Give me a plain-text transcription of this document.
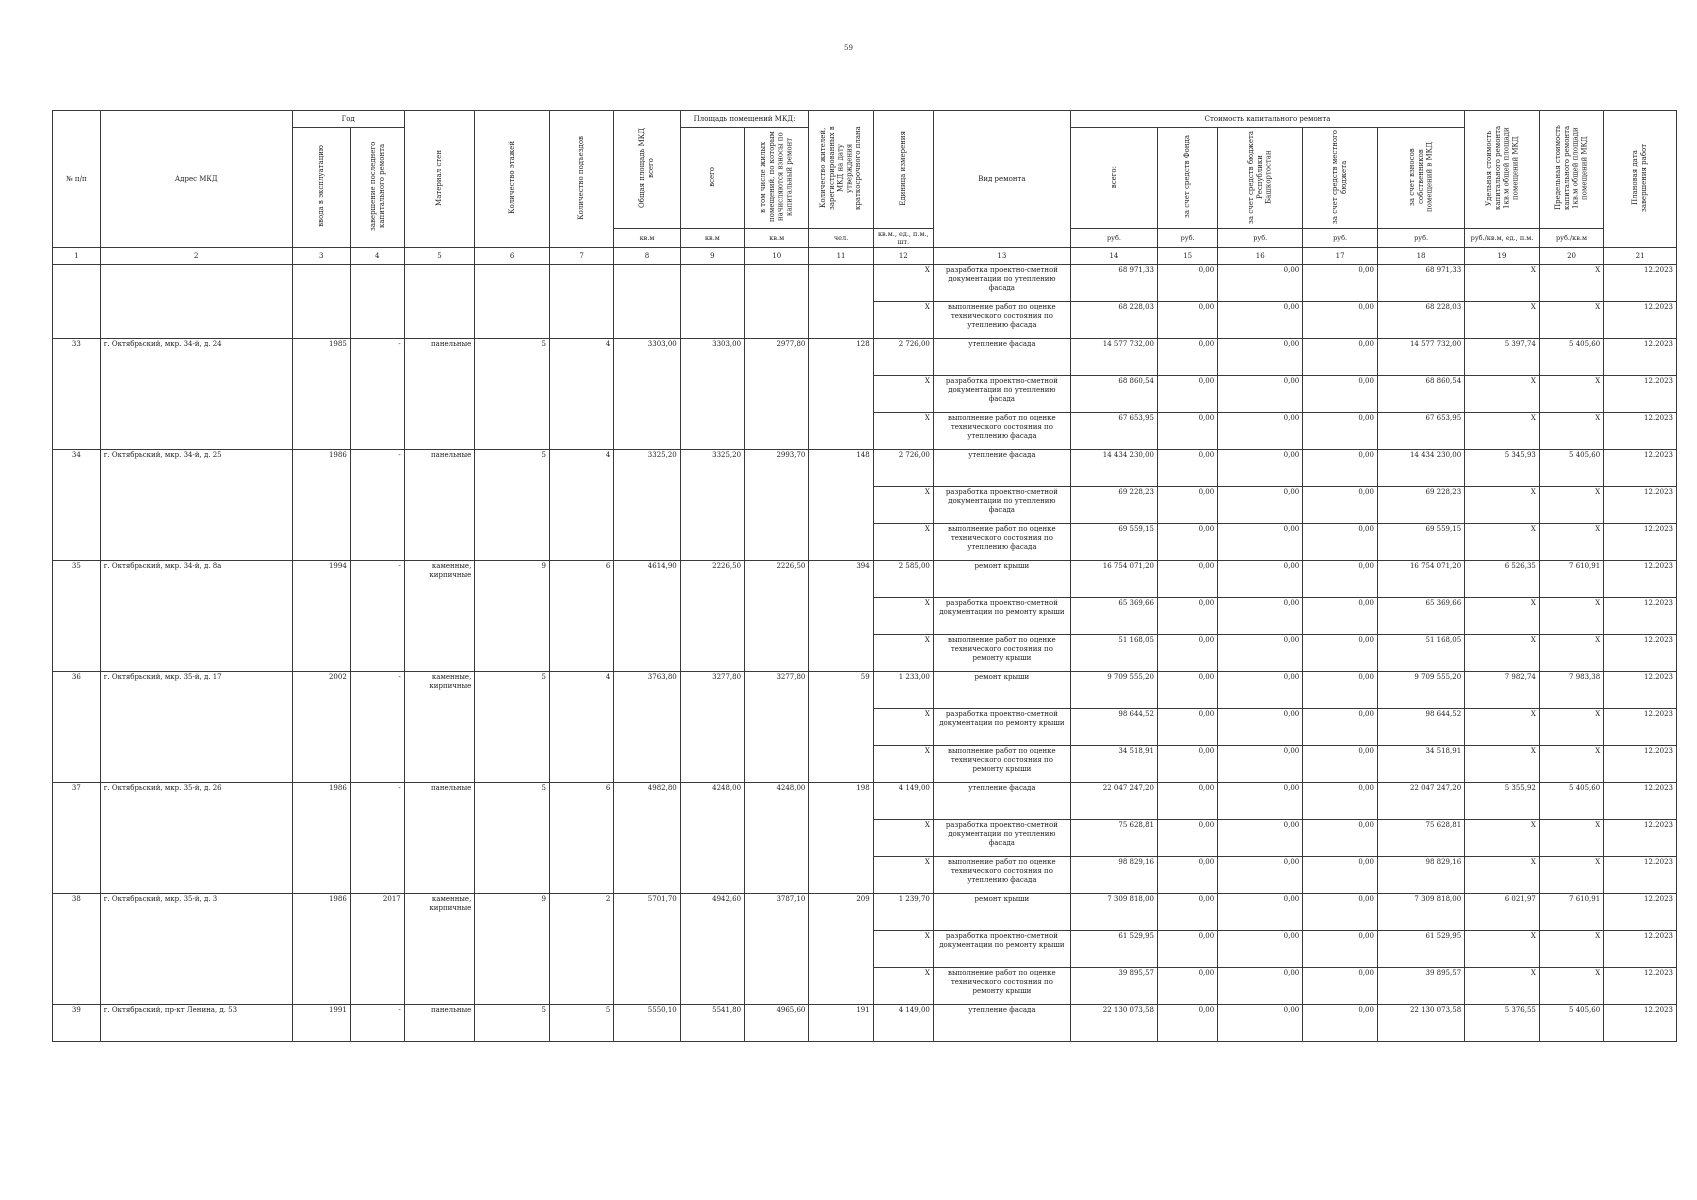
59
№ п/п	Адрес МКД	Год		Материал стен	Количество этажей	Количество подъездов	Общая площадь МКД всего	Площадь помещений МКД:		Количество жителей, зарегистрированных в МКД на дату утверждения краткосрочного плана	Единица измерения	Вид ремонта	Стоимость капитального ремонта					Удельная стоимость капитального ремонта 1кв.м общей площади помещений МКД	Предельная стоимость капитального ремонта 1кв.м общей площади помещений МКД	Плановая дата завершения работ
		ввода в эксплуатацию	завершение последнего капитального ремонта					всего	в том числе жилых помещений, по которым начисляются взносы по капитальный ремонт				всего:	за счет средств Фонда	за счет средств бюджета Республики Башкортостан	за счет средств местного бюджета	за счет взносов собственников помещений в МКД			
							кв.м	кв.м	кв.м	чел.	кв.м., ед., п.м., шт.		руб.	руб.	руб.	руб.	руб.	руб./кв.м, ед., п.м.	руб./кв.м	
1	2	3	4	5	6	7	8	9	10	11	12	13	14	15	16	17	18	19	20	21
											Х	разработка проектно-сметной документации по утеплению фасада	68 971,33	0,00	0,00	0,00	68 971,33	Х	Х	12.2023
											Х	выполнение работ по оценке технического состояния по утеплению фасада	68 228,03	0,00	0,00	0,00	68 228,03	Х	Х	12.2023
33	г. Октябрьский, мкр. 34-й, д. 24	1985	-	панельные	5	4	3303,00	3303,00	2977,80	128	2 726,00	утепление фасада	14 577 732,00	0,00	0,00	0,00	14 577 732,00	5 397,74	5 405,60	12.2023
											Х	разработка проектно-сметной документации по утеплению фасада	68 860,54	0,00	0,00	0,00	68 860,54	Х	Х	12.2023
											Х	выполнение работ по оценке технического состояния по утеплению фасада	67 653,95	0,00	0,00	0,00	67 653,95	Х	Х	12.2023
34	г. Октябрьский, мкр. 34-й, д. 25	1986	-	панельные	5	4	3325,20	3325,20	2993,70	148	2 726,00	утепление фасада	14 434 230,00	0,00	0,00	0,00	14 434 230,00	5 345,93	5 405,60	12.2023
											Х	разработка проектно-сметной документации по утеплению фасада	69 228,23	0,00	0,00	0,00	69 228,23	Х	Х	12.2023
											Х	выполнение работ по оценке технического состояния по утеплению фасада	69 559,15	0,00	0,00	0,00	69 559,15	Х	Х	12.2023
35	г. Октябрьский, мкр. 34-й, д. 8а	1994	-	каменные, кирпичные	9	6	4614,90	2226,50	2226,50	394	2 585,00	ремонт крыши	16 754 071,20	0,00	0,00	0,00	16 754 071,20	6 526,35	7 610,91	12.2023
											Х	разработка проектно-сметной документации по ремонту крыши	65 369,66	0,00	0,00	0,00	65 369,66	Х	Х	12.2023
											Х	выполнение работ по оценке технического состояния по ремонту крыши	51 168,05	0,00	0,00	0,00	51 168,05	Х	Х	12.2023
36	г. Октябрьский, мкр. 35-й, д. 17	2002	-	каменные, кирпичные	5	4	3763,80	3277,80	3277,80	59	1 233,00	ремонт крыши	9 709 555,20	0,00	0,00	0,00	9 709 555,20	7 982,74	7 983,38	12.2023
											Х	разработка проектно-сметной документации по ремонту крыши	98 644,52	0,00	0,00	0,00	98 644,52	Х	Х	12.2023
											Х	выполнение работ по оценке технического состояния по ремонту крыши	34 518,91	0,00	0,00	0,00	34 518,91	Х	Х	12.2023
37	г. Октябрьский, мкр. 35-й, д. 26	1986	-	панельные	5	6	4982,80	4248,00	4248,00	198	4 149,00	утепление фасада	22 047 247,20	0,00	0,00	0,00	22 047 247,20	5 355,92	5 405,60	12.2023
											Х	разработка проектно-сметной документации по утеплению фасада	75 628,81	0,00	0,00	0,00	75 628,81	Х	Х	12.2023
											Х	выполнение работ по оценке технического состояния по утеплению фасада	98 829,16	0,00	0,00	0,00	98 829,16	Х	Х	12.2023
38	г. Октябрьский, мкр. 35-й, д. 3	1986	2017	каменные, кирпичные	9	2	5701,70	4942,60	3787,10	209	1 239,70	ремонт крыши	7 309 818,00	0,00	0,00	0,00	7 309 818,00	6 021,97	7 610,91	12.2023
											Х	разработка проектно-сметной документации по ремонту крыши	61 529,95	0,00	0,00	0,00	61 529,95	Х	Х	12.2023
											Х	выполнение работ по оценке технического состояния по ремонту крыши	39 895,57	0,00	0,00	0,00	39 895,57	Х	Х	12.2023
39	г. Октябрьский, пр-кт Ленина, д. 53	1991	-	панельные	5	5	5550,10	5541,80	4965,60	191	4 149,00	утепление фасада	22 130 073,58	0,00	0,00	0,00	22 130 073,58	5 376,55	5 405,60	12.2023
